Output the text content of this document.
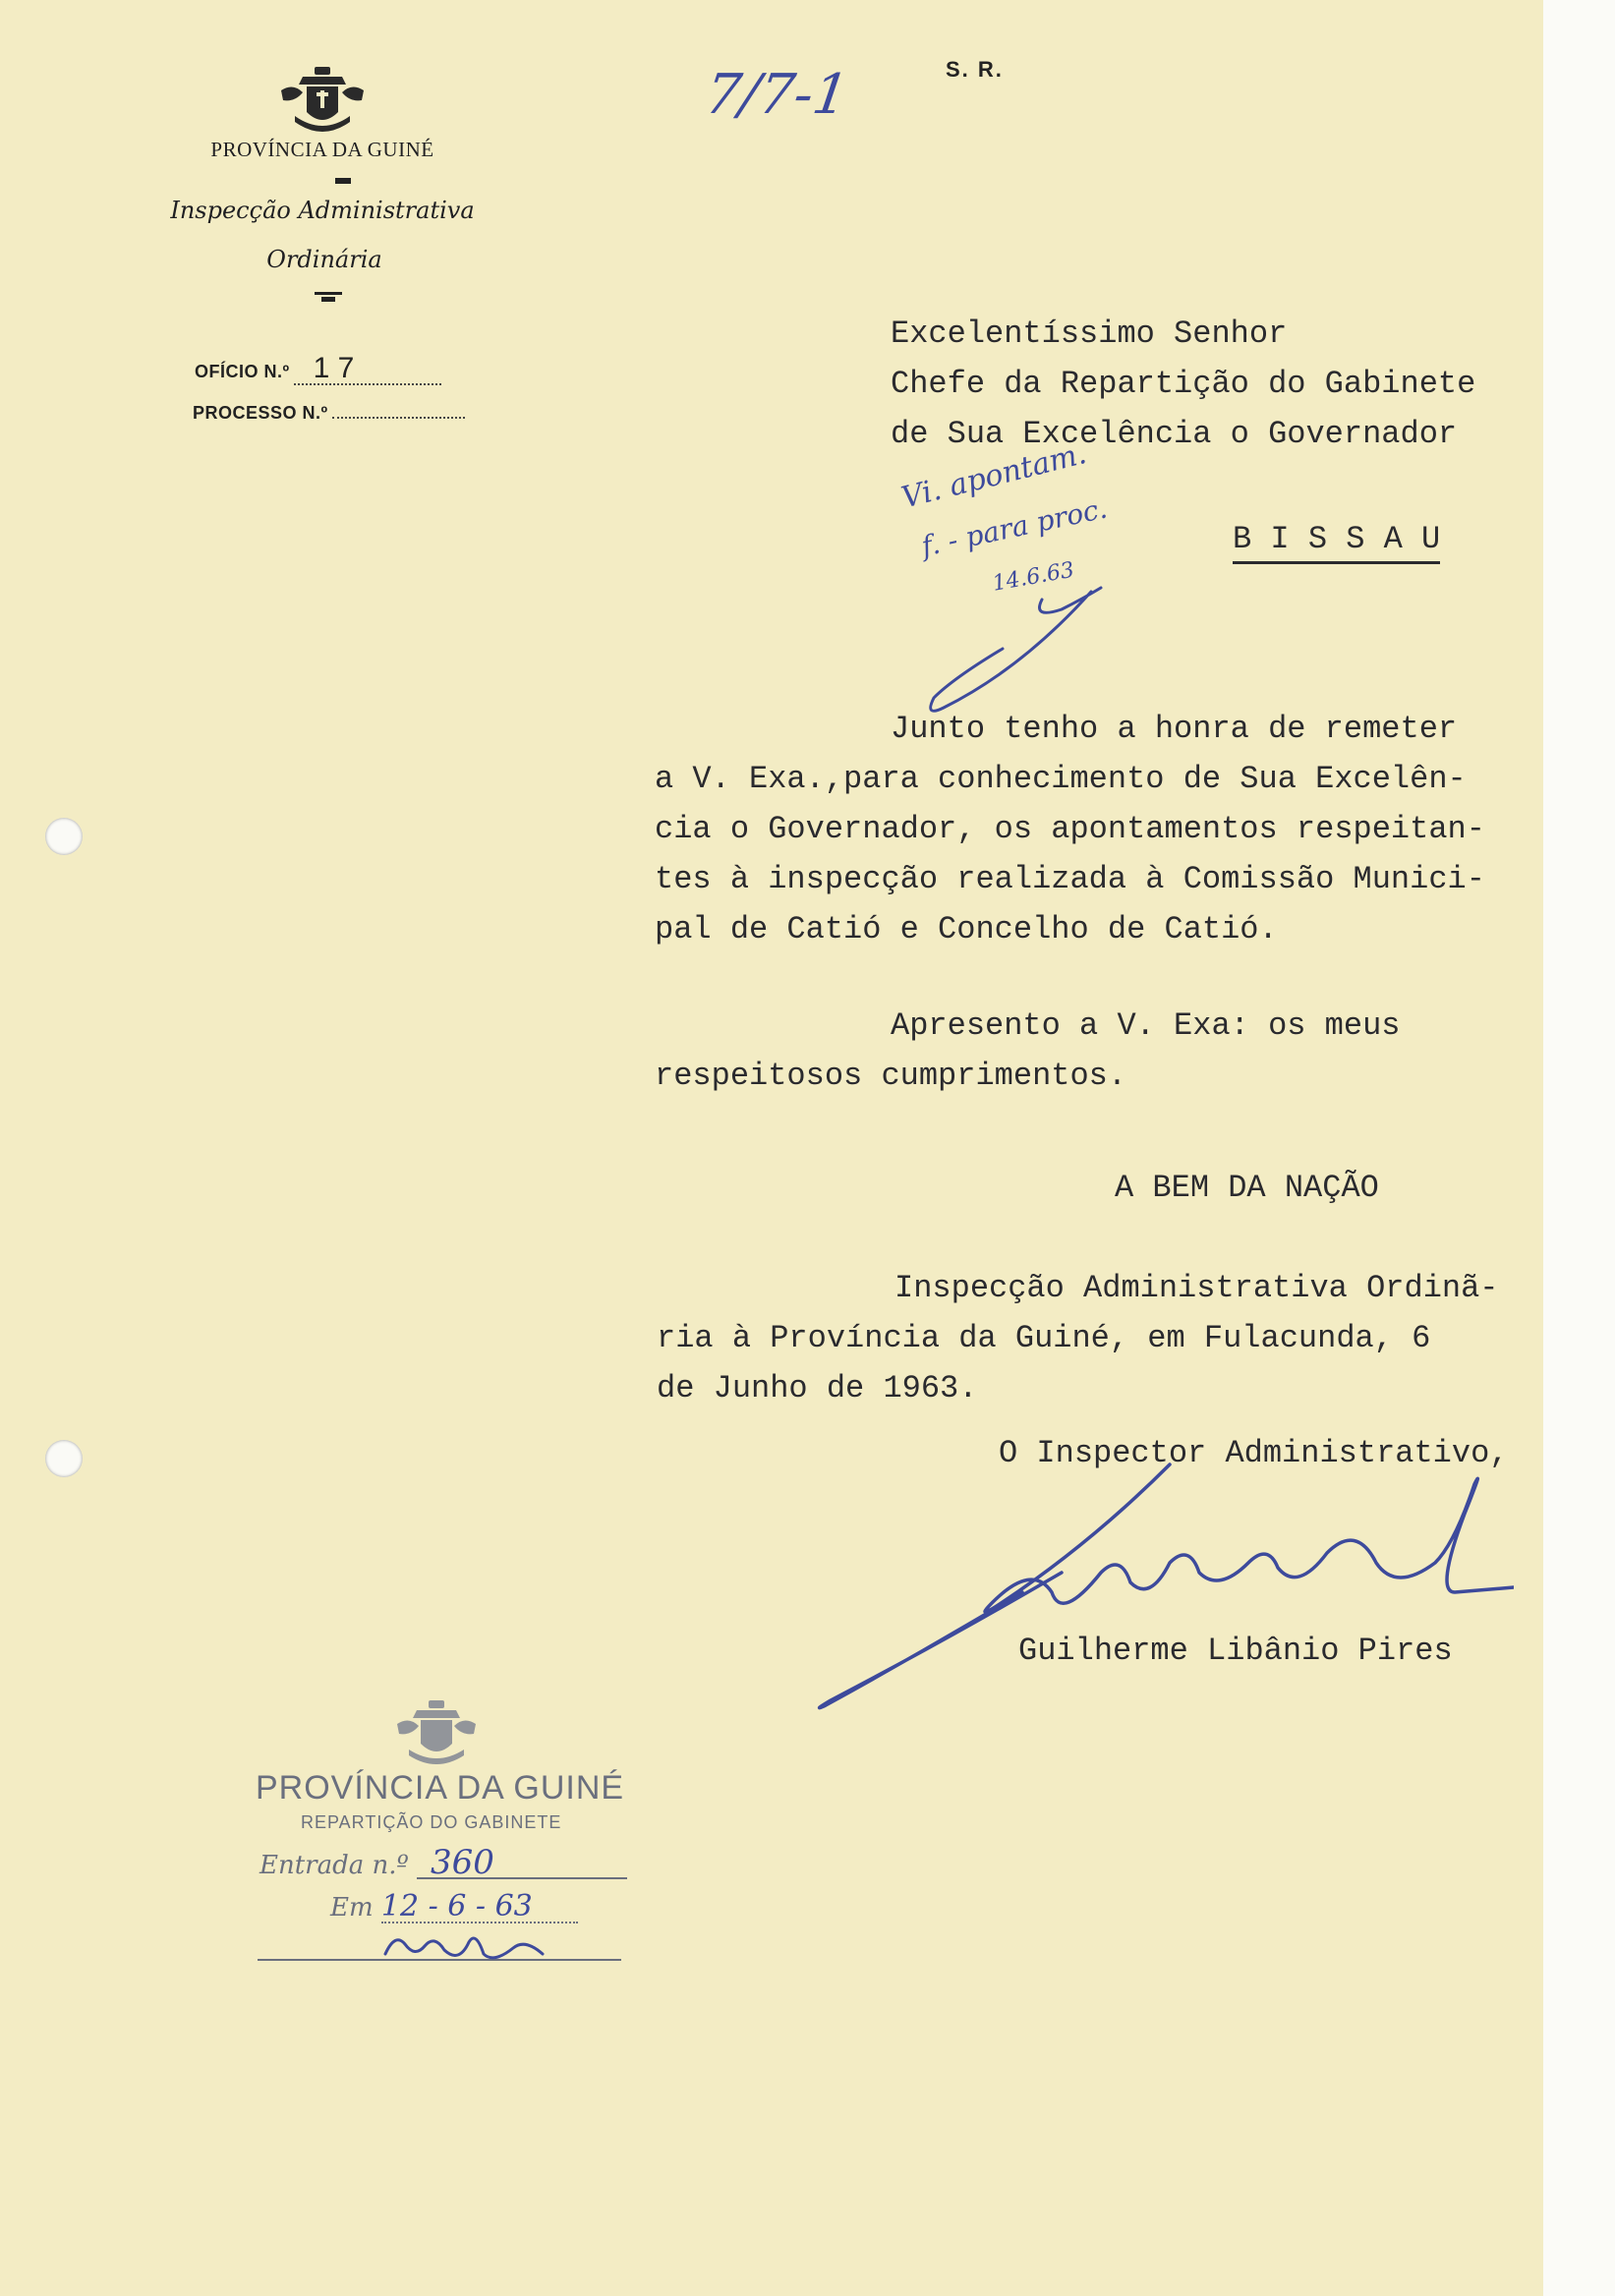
PROVÍNCIA DA GUINÉ
Inspecção Administrativa
Ordinária
OFÍCIO N.º 1 7
PROCESSO N.º
S. R.
7/7-1
Excelentíssimo Senhor
Chefe da Repartição do Gabinete
de Sua Excelência o Governador
B I S S A U
Vi. apontam.
f. - para proc.
14.6.63
Junto tenho a honra de remeter
a V. Exa.,para conhecimento de Sua Excelên-
cia o Governador, os apontamentos respeitan-
tes à inspecção realizada à Comissão Munici-
pal de Catió e Concelho de Catió.
Apresento a V. Exa: os meus
respeitosos cumprimentos.
A BEM DA NAÇÃO
Inspecção Administrativa Ordinã-
ria à Província da Guiné, em Fulacunda, 6
de Junho de 1963.
O Inspector Administrativo,
Guilherme Libânio Pires
PROVÍNCIA DA GUINÉ
REPARTIÇÃO DO GABINETE
Entrada n.º 360
Em 12 - 6 - 63
